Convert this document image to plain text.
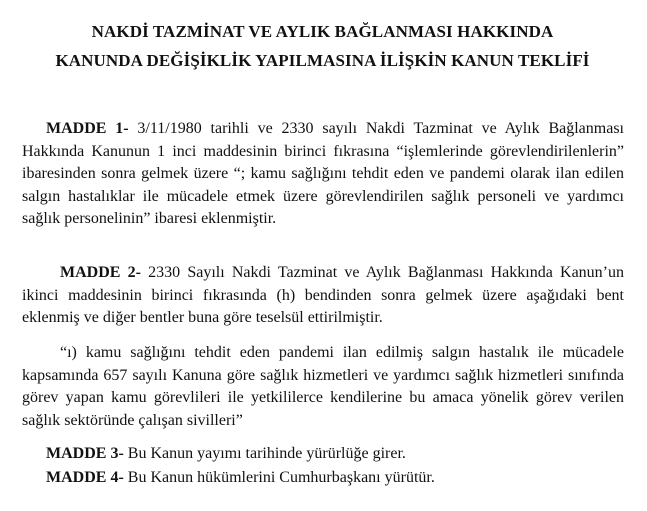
NAKDİ TAZMİNAT VE AYLIK BAĞLANMASI HAKKINDA
KANUNDA DEĞİŞİKLİK YAPILMASINA İLİŞKİN KANUN TEKLİFİ

MADDE 1- 3/11/1980 tarihli ve 2330 sayılı Nakdi Tazminat ve Aylık Bağlanması Hakkında Kanunun 1 inci maddesinin birinci fıkrasına “işlemlerinde görevlendirilenlerin” ibaresinden sonra gelmek üzere “; kamu sağlığını tehdit eden ve pandemi olarak ilan edilen salgın hastalıklar ile mücadele etmek üzere görevlendirilen sağlık personeli ve yardımcı sağlık personelinin” ibaresi eklenmiştir.

MADDE 2- 2330 Sayılı Nakdi Tazminat ve Aylık Bağlanması Hakkında Kanun’un ikinci maddesinin birinci fıkrasında (h) bendinden sonra gelmek üzere aşağıdaki bent eklenmiş ve diğer bentler buna göre teselsül ettirilmiştir.

“ı) kamu sağlığını tehdit eden pandemi ilan edilmiş salgın hastalık ile mücadele kapsamında 657 sayılı Kanuna göre sağlık hizmetleri ve yardımcı sağlık hizmetleri sınıfında görev yapan kamu görevlileri ile yetkililerce kendilerine bu amaca yönelik görev verilen sağlık sektöründe çalışan sivilleri”

MADDE 3- Bu Kanun yayımı tarihinde yürürlüğe girer.

MADDE 4- Bu Kanun hükümlerini Cumhurbaşkanı yürütür.
